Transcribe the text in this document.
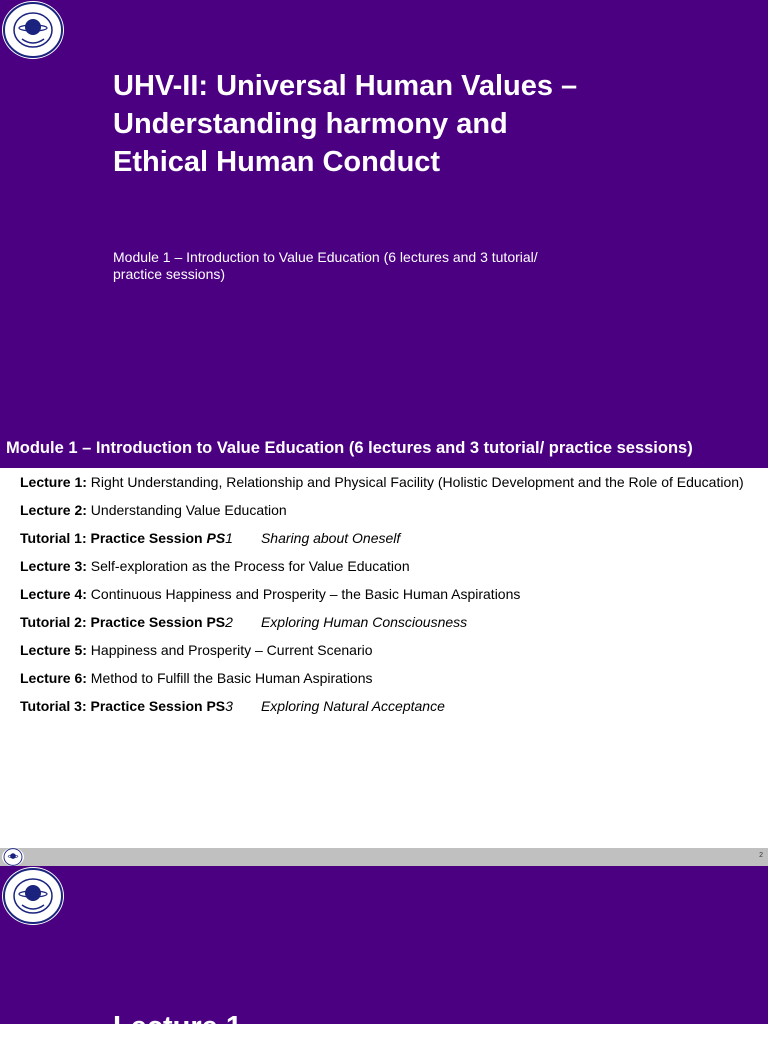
UHV-II: Universal Human Values – Understanding harmony and Ethical Human Conduct
Module 1 – Introduction to Value Education (6 lectures and 3 tutorial/ practice sessions)
Module 1 – Introduction to Value Education (6 lectures and 3 tutorial/ practice sessions)
Lecture 1: Right Understanding, Relationship and Physical Facility (Holistic Development and the Role of Education)
Lecture 2: Understanding Value Education
Tutorial 1: Practice Session PS1 Sharing about Oneself
Lecture 3: Self-exploration as the Process for Value Education
Lecture 4: Continuous Happiness and Prosperity – the Basic Human Aspirations
Tutorial 2: Practice Session PS2 Exploring Human Consciousness
Lecture 5: Happiness and Prosperity – Current Scenario
Lecture 6: Method to Fulfill the Basic Human Aspirations
Tutorial 3: Practice Session PS3 Exploring Natural Acceptance
2
Lecture 1
